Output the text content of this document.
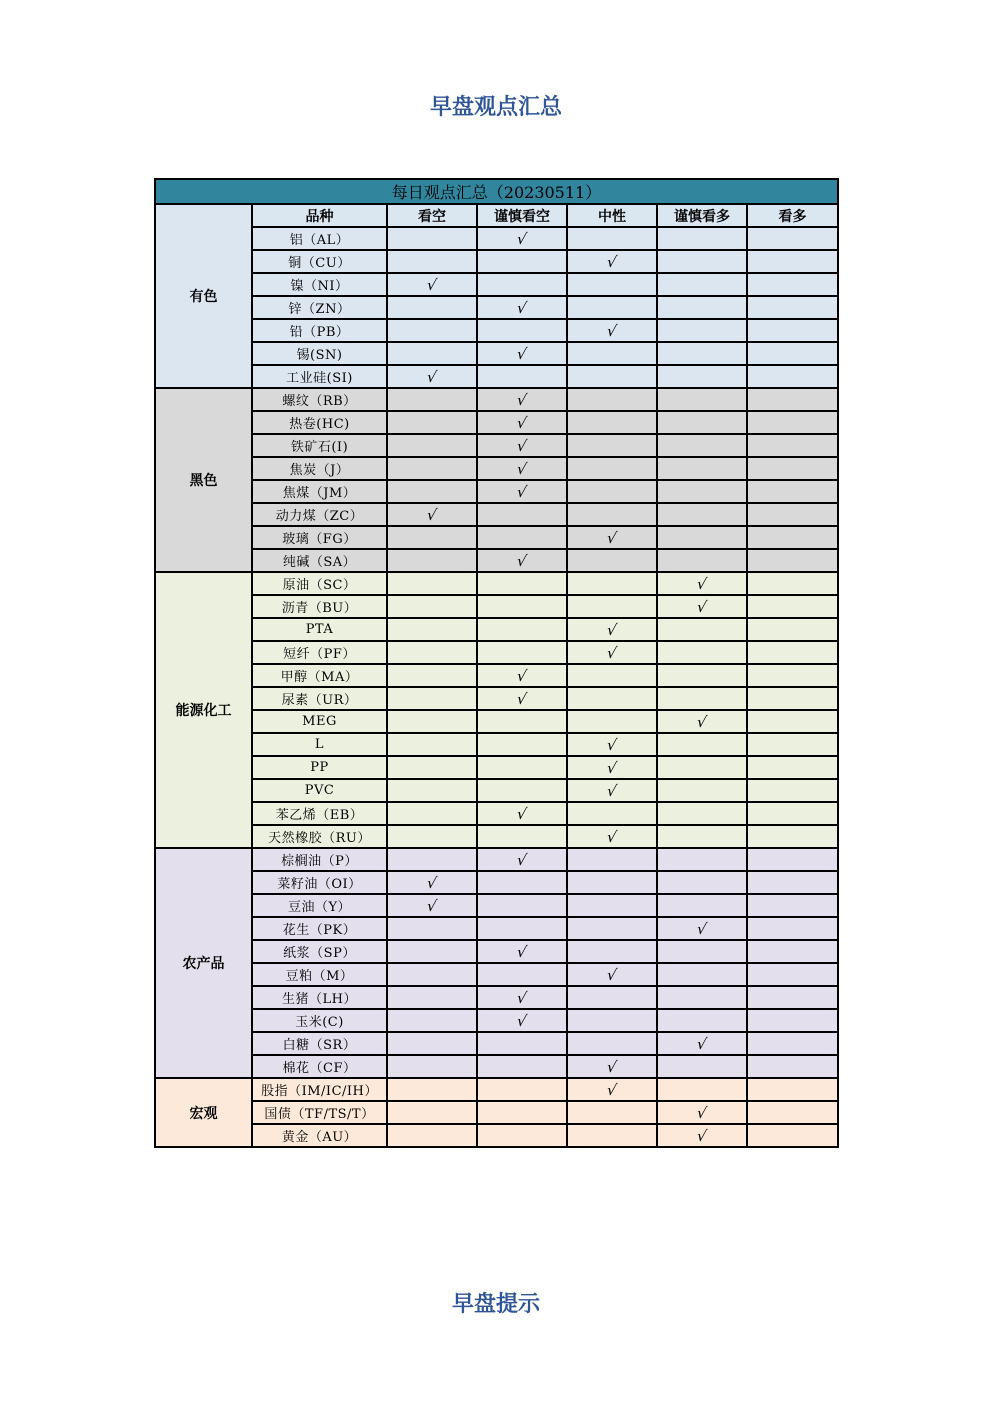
早盘观点汇总
每日观点汇总（20230511）						
有色	品种	看空	谨慎看空	中性	谨慎看多	看多
	铝（AL）		√			
	铜（CU）			√		
	镍（NI）	√				
	锌（ZN）		√			
	铅（PB）			√		
	锡(SN)		√			
	工业硅(SI)	√				
黑色	螺纹（RB）		√			
	热卷(HC)		√			
	铁矿石(I)		√			
	焦炭（J）		√			
	焦煤（JM）		√			
	动力煤（ZC）	√				
	玻璃（FG）			√		
	纯碱（SA）		√			
能源化工	原油（SC）				√	
	沥青（BU）				√	
	PTA			√		
	短纤（PF）			√		
	甲醇（MA）		√			
	尿素（UR）		√			
	MEG				√	
	L			√		
	PP			√		
	PVC			√		
	苯乙烯（EB）		√			
	天然橡胶（RU）			√		
农产品	棕榈油（P）		√			
	菜籽油（OI）	√				
	豆油（Y）	√				
	花生（PK）				√	
	纸浆（SP）		√			
	豆粕（M）			√		
	生猪（LH）		√			
	玉米(C)		√			
	白糖（SR）				√	
	棉花（CF）			√		
宏观	股指（IM/IC/IH）			√		
	国债（TF/TS/T）				√	
	黄金（AU）				√	
早盘提示
